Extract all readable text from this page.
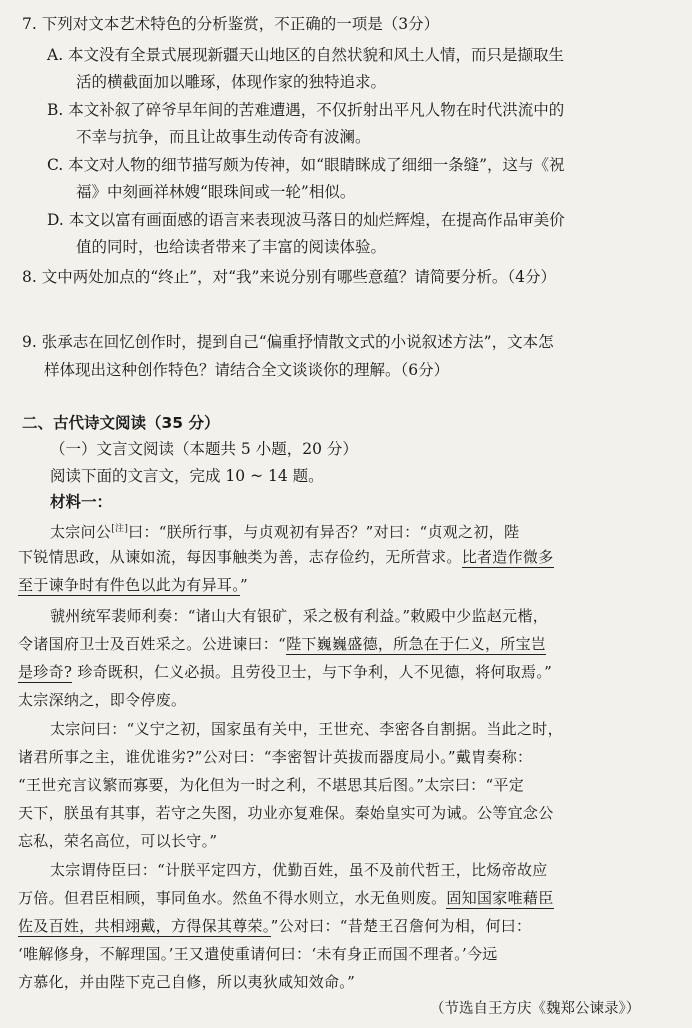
7. 下列对文本艺术特色的分析鉴赏，不正确的一项是（3分）
A. 本文没有全景式展现新疆天山地区的自然状貌和风土人情，而只是撷取生
活的横截面加以雕琢，体现作家的独特追求。
B. 本文补叙了碎爷早年间的苦难遭遇，不仅折射出平凡人物在时代洪流中的
不幸与抗争，而且让故事生动传奇有波澜。
C. 本文对人物的细节描写颇为传神，如“眼睛眯成了细细一条缝”，这与《祝
福》中刻画祥林嫂“眼珠间或一轮”相似。
D. 本文以富有画面感的语言来表现波马落日的灿烂辉煌，在提高作品审美价
值的同时，也给读者带来了丰富的阅读体验。
8. 文中两处加点的“终止”，对“我”来说分别有哪些意蕴？请简要分析。（4分）
9. 张承志在回忆创作时，提到自己“偏重抒情散文式的小说叙述方法”，文本怎
样体现出这种创作特色？请结合全文谈谈你的理解。（6分）
二、古代诗文阅读（35 分）
（一）文言文阅读（本题共 5 小题，20 分）
阅读下面的文言文，完成 10 ~ 14 题。
材料一：
太宗问公[注]曰：“朕所行事，与贞观初有异否？”对曰：“贞观之初，陛
下锐情思政，从谏如流，每因事触类为善，志存俭约，无所营求。比者造作微多
至于谏争时有件色以此为有异耳。”
虢州统军裴师利奏：“诸山大有银矿，采之极有利益。”敕殿中少监赵元楷，
令诸国府卫士及百姓采之。公进谏曰：“陛下巍巍盛德，所急在于仁义，所宝岂
是珍奇? 珍奇既积，仁义必损。且劳役卫士，与下争利，人不见德，将何取焉。”
太宗深纳之，即令停废。
太宗问曰：“义宁之初，国家虽有关中，王世充、李密各自割据。当此之时，
诸君所事之主，谁优谁劣?”公对曰：“李密智计英拔而器度局小。”戴胄奏称：
“王世充言议繁而寡要，为化但为一时之利，不堪思其后图。”太宗曰：“平定
天下，朕虽有其事，若守之失图，功业亦复难保。秦始皇实可为诫。公等宜念公
忘私，荣名高位，可以长守。”
太宗谓侍臣曰：“计朕平定四方，优勤百姓，虽不及前代哲王，比炀帝故应
万倍。但君臣相顾，事同鱼水。然鱼不得水则立，水无鱼则废。固知国家唯藉臣
佐及百姓，共相翊戴，方得保其尊荣。”公对曰：“昔楚王召詹何为相，何曰：
‘唯解修身，不解理国。’王又遣使重请何曰：‘未有身正而国不理者。’今远
方慕化，并由陛下克己自修，所以夷狄咸知效命。”
（节选自王方庆《魏郑公谏录》）
